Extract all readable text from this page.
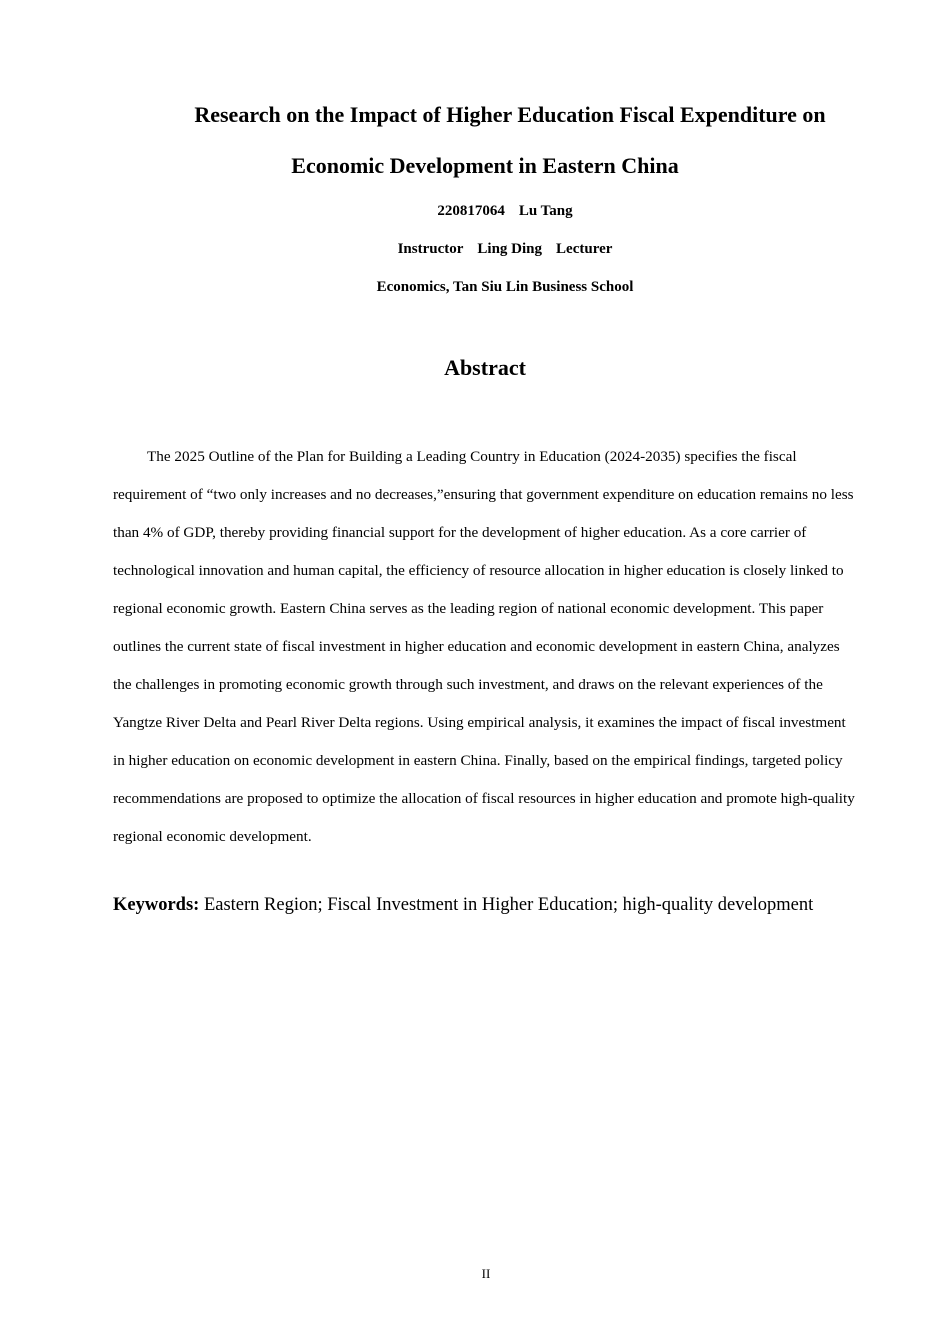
Research on the Impact of Higher Education Fiscal Expenditure on
Economic Development in Eastern China
220817064 Lu Tang
Instructor Ling Ding Lecturer
Economics, Tan Siu Lin Business School
Abstract

The 2025 Outline of the Plan for Building a Leading Country in Education (2024-2035) specifies the fiscal requirement of “two only increases and no decreases,”ensuring that government expenditure on education remains no less than 4% of GDP, thereby providing financial support for the development of higher education. As a core carrier of technological innovation and human capital, the efficiency of resource allocation in higher education is closely linked to regional economic growth. Eastern China serves as the leading region of national economic development. This paper outlines the current state of fiscal investment in higher education and economic development in eastern China, analyzes the challenges in promoting economic growth through such investment, and draws on the relevant experiences of the Yangtze River Delta and Pearl River Delta regions. Using empirical analysis, it examines the impact of fiscal investment in higher education on economic development in eastern China. Finally, based on the empirical findings, targeted policy recommendations are proposed to optimize the allocation of fiscal resources in higher education and promote high-quality regional economic development.

Keywords: Eastern Region; Fiscal Investment in Higher Education; high-quality development
II
